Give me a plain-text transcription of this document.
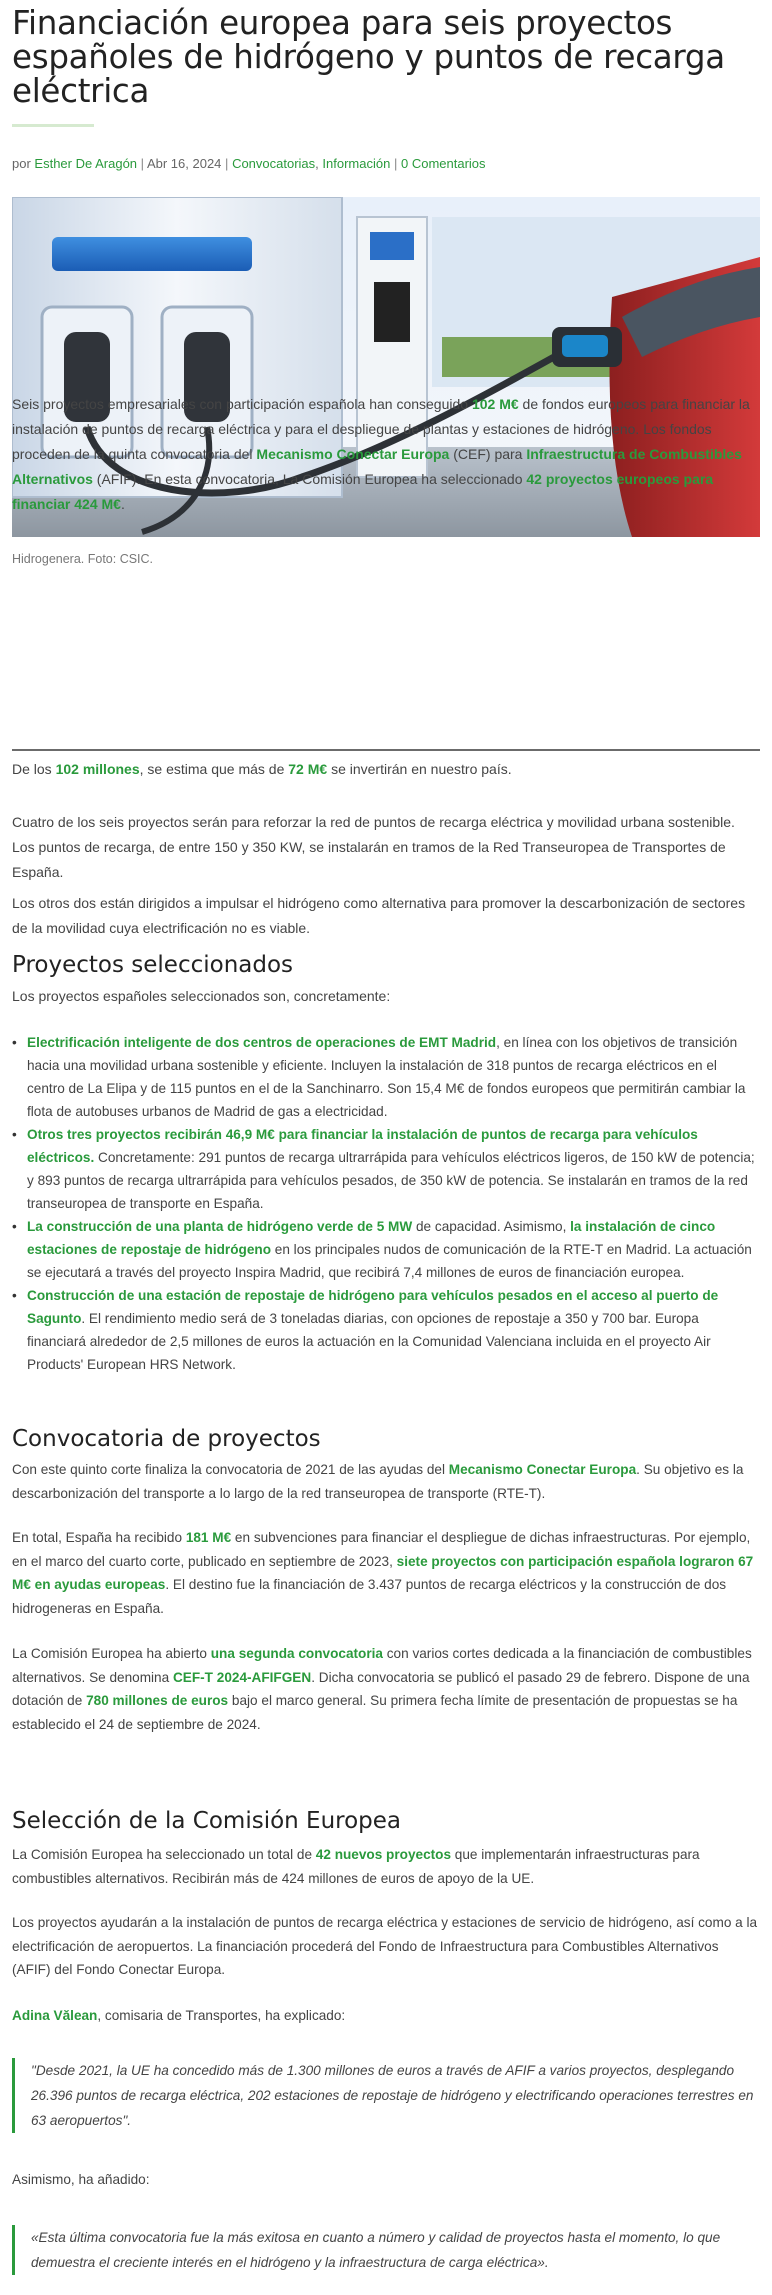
Financiación europea para seis proyectos españoles de hidrógeno y puntos de recarga eléctrica
por Esther De Aragón | Abr 16, 2024 | Convocatorias, Información | 0 Comentarios
Hidrogenera. Foto: CSIC.

Seis proyectos empresariales con participación española han conseguido 102 M€ de fondos europeos para financiar la instalación de puntos de recarga eléctrica y para el despliegue de plantas y estaciones de hidrógeno. Los fondos proceden de la quinta convocatoria del Mecanismo Conectar Europa (CEF) para Infraestructura de Combustibles Alternativos (AFIF). En esta convocatoria, La Comisión Europea ha seleccionado 42 proyectos europeos para financiar 424 M€.

De los 102 millones, se estima que más de 72 M€ se invertirán en nuestro país.

Cuatro de los seis proyectos serán para reforzar la red de puntos de recarga eléctrica y movilidad urbana sostenible. Los puntos de recarga, de entre 150 y 350 KW, se instalarán en tramos de la Red Transeuropea de Transportes de España.

Los otros dos están dirigidos a impulsar el hidrógeno como alternativa para promover la descarbonización de sectores de la movilidad cuya electrificación no es viable.

Proyectos seleccionados

Los proyectos españoles seleccionados son, concretamente:

• Electrificación inteligente de dos centros de operaciones de EMT Madrid, en línea con los objetivos de transición hacia una movilidad urbana sostenible y eficiente. Incluyen la instalación de 318 puntos de recarga eléctricos en el centro de La Elipa y de 115 puntos en el de la Sanchinarro. Son 15,4 M€ de fondos europeos que permitirán cambiar la flota de autobuses urbanos de Madrid de gas a electricidad.
• Otros tres proyectos recibirán 46,9 M€ para financiar la instalación de puntos de recarga para vehículos eléctricos. Concretamente: 291 puntos de recarga ultrarrápida para vehículos eléctricos ligeros, de 150 kW de potencia; y 893 puntos de recarga ultrarrápida para vehículos pesados, de 350 kW de potencia. Se instalarán en tramos de la red transeuropea de transporte en España.
• La construcción de una planta de hidrógeno verde de 5 MW de capacidad. Asimismo, la instalación de cinco estaciones de repostaje de hidrógeno en los principales nudos de comunicación de la RTE-T en Madrid. La actuación se ejecutará a través del proyecto Inspira Madrid, que recibirá 7,4 millones de euros de financiación europea.
• Construcción de una estación de repostaje de hidrógeno para vehículos pesados en el acceso al puerto de Sagunto. El rendimiento medio será de 3 toneladas diarias, con opciones de repostaje a 350 y 700 bar. Europa financiará alrededor de 2,5 millones de euros la actuación en la Comunidad Valenciana incluida en el proyecto Air Products' European HRS Network.
Convocatoria de proyectos

Con este quinto corte finaliza la convocatoria de 2021 de las ayudas del Mecanismo Conectar Europa. Su objetivo es la descarbonización del transporte a lo largo de la red transeuropea de transporte (RTE-T).

En total, España ha recibido 181 M€ en subvenciones para financiar el despliegue de dichas infraestructuras. Por ejemplo, en el marco del cuarto corte, publicado en septiembre de 2023, siete proyectos con participación española lograron 67 M€ en ayudas europeas. El destino fue la financiación de 3.437 puntos de recarga eléctricos y la construcción de dos hidrogeneras en España.

La Comisión Europea ha abierto una segunda convocatoria con varios cortes dedicada a la financiación de combustibles alternativos. Se denomina CEF-T 2024-AFIFGEN. Dicha convocatoria se publicó el pasado 29 de febrero. Dispone de una dotación de 780 millones de euros bajo el marco general. Su primera fecha límite de presentación de propuestas se ha establecido el 24 de septiembre de 2024.

Selección de la Comisión Europea

La Comisión Europea ha seleccionado un total de 42 nuevos proyectos que implementarán infraestructuras para combustibles alternativos. Recibirán más de 424 millones de euros de apoyo de la UE.

Los proyectos ayudarán a la instalación de puntos de recarga eléctrica y estaciones de servicio de hidrógeno, así como a la electrificación de aeropuertos. La financiación procederá del Fondo de Infraestructura para Combustibles Alternativos (AFIF) del Fondo Conectar Europa.

Adina Vălean, comisaria de Transportes, ha explicado:

"Desde 2021, la UE ha concedido más de 1.300 millones de euros a través de AFIF a varios proyectos, desplegando 26.396 puntos de recarga eléctrica, 202 estaciones de repostaje de hidrógeno y electrificando operaciones terrestres en 63 aeropuertos".

Asimismo, ha añadido:

«Esta última convocatoria fue la más exitosa en cuanto a número y calidad de proyectos hasta el momento, lo que demuestra el creciente interés en el hidrógeno y la infraestructura de carga eléctrica».
